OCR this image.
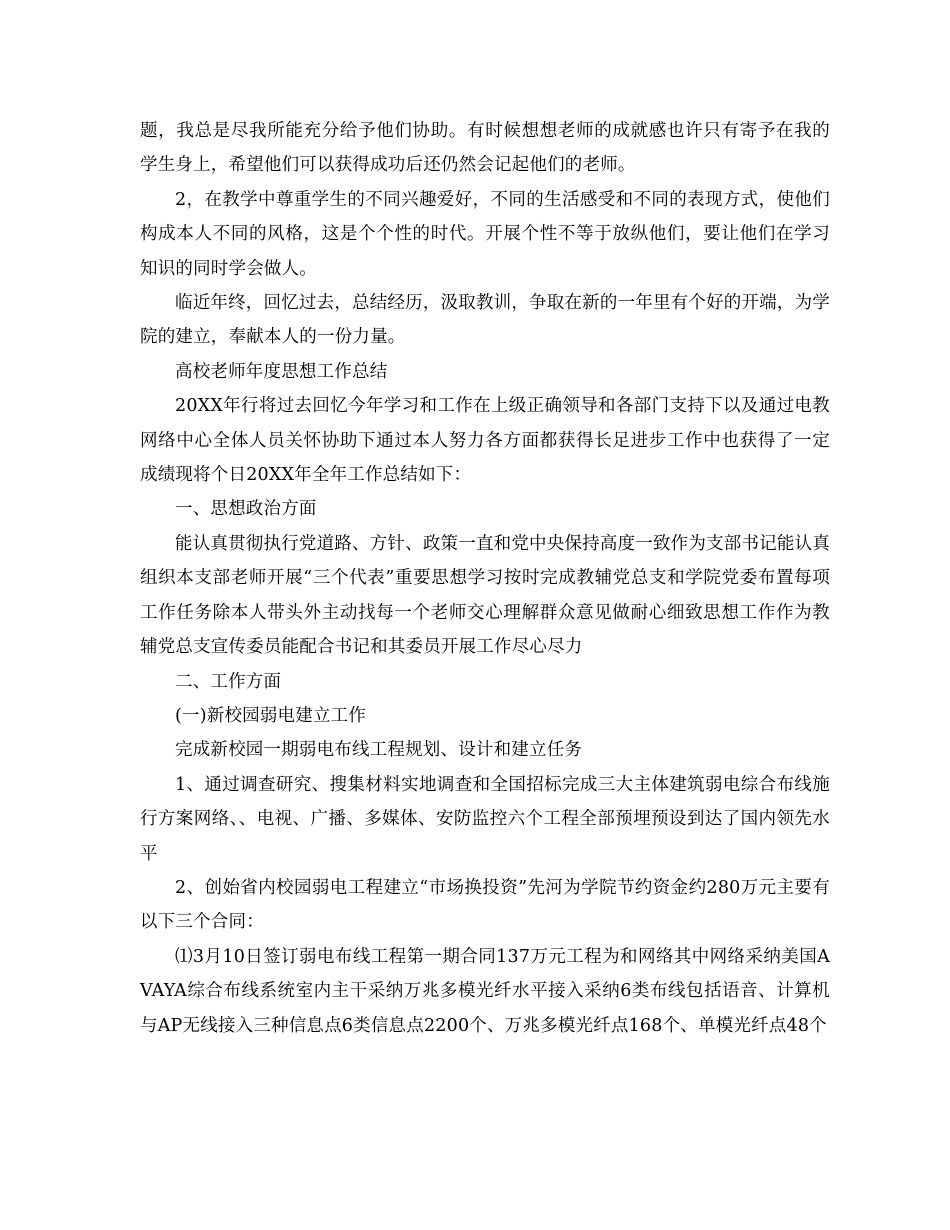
题，我总是尽我所能充分给予他们协助。有时候想想老师的成就感也许只有寄予在我的学生身上，希望他们可以获得成功后还仍然会记起他们的老师。

2，在教学中尊重学生的不同兴趣爱好，不同的生活感受和不同的表现方式，使他们构成本人不同的风格，这是个个性的时代。开展个性不等于放纵他们，要让他们在学习知识的同时学会做人。

临近年终，回忆过去，总结经历，汲取教训，争取在新的一年里有个好的开端，为学院的建立，奉献本人的一份力量。

高校老师年度思想工作总结

20XX年行将过去回忆今年学习和工作在上级正确领导和各部门支持下以及通过电教网络中心全体人员关怀协助下通过本人努力各方面都获得长足进步工作中也获得了一定成绩现将个日20XX年全年工作总结如下：

一、思想政治方面

能认真贯彻执行党道路、方针、政策一直和党中央保持高度一致作为支部书记能认真组织本支部老师开展“三个代表”重要思想学习按时完成教辅党总支和学院党委布置每项工作任务除本人带头外主动找每一个老师交心理解群众意见做耐心细致思想工作作为教辅党总支宣传委员能配合书记和其委员开展工作尽心尽力

二、工作方面

(一)新校园弱电建立工作

完成新校园一期弱电布线工程规划、设计和建立任务

1、通过调查研究、搜集材料实地调查和全国招标完成三大主体建筑弱电综合布线施行方案网络、、电视、广播、多媒体、安防监控六个工程全部预埋预设到达了国内领先水平

2、创始省内校园弱电工程建立“市场换投资”先河为学院节约资金约280万元主要有以下三个合同：

⑴3月10日签订弱电布线工程第一期合同137万元工程为和网络其中网络采纳美国AVAYA综合布线系统室内主干采纳万兆多模光纤水平接入采纳6类布线包括语音、计算机与AP无线接入三种信息点6类信息点2200个、万兆多模光纤点168个、单模光纤点48个
